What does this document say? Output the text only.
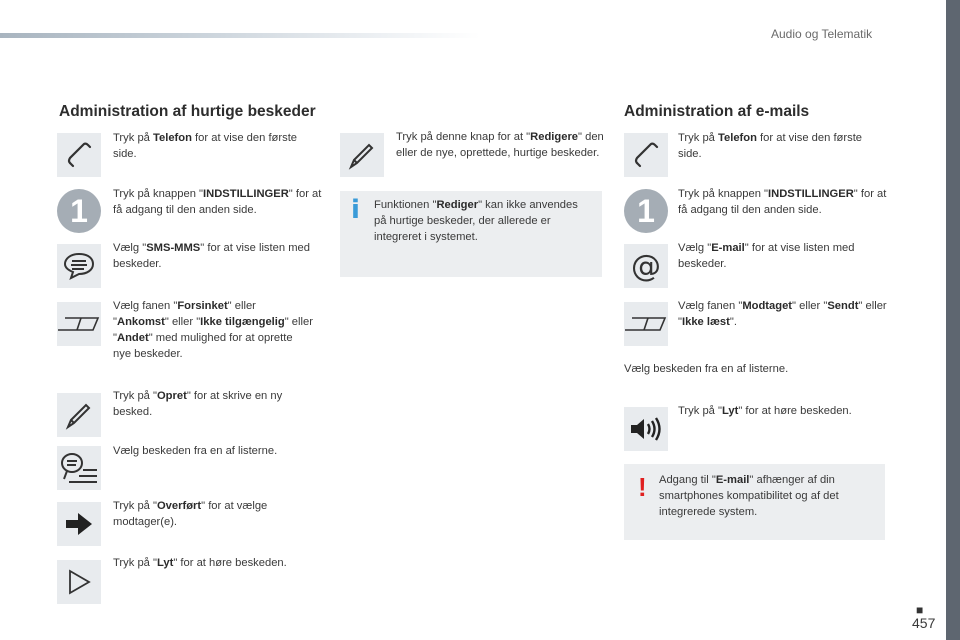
Audio og Telematik
Administration af hurtige beskeder
Tryk på Telefon for at vise den første side.
1	Tryk på knappen "INDSTILLINGER" for at få adgang til den anden side.
Vælg "SMS-MMS" for at vise listen med beskeder.
Vælg fanen "Forsinket" eller "Ankomst" eller "Ikke tilgængelig" eller "Andet" med mulighed for at oprette nye beskeder.
Tryk på "Opret" for at skrive en ny besked.
Vælg beskeden fra en af listerne.
Tryk på "Overført" for at vælge modtager(e).
Tryk på "Lyt" for at høre beskeden.
Tryk på denne knap for at "Redigere" den eller de nye, oprettede, hurtige beskeder.
i Funktionen "Rediger" kan ikke anvendes på hurtige beskeder, der allerede er integreret i systemet.
Administration af e-mails
Tryk på Telefon for at vise den første side.
1	Tryk på knappen "INDSTILLINGER" for at få adgang til den anden side.
@
Vælg "E-mail" for at vise listen med beskeder.
Vælg fanen "Modtaget" eller "Sendt" eller "Ikke læst".
Vælg beskeden fra en af listerne.
Tryk på "Lyt" for at høre beskeden.
! Adgang til "E-mail" afhænger af din smartphones kompatibilitet og af det integrerede system.
■
457
